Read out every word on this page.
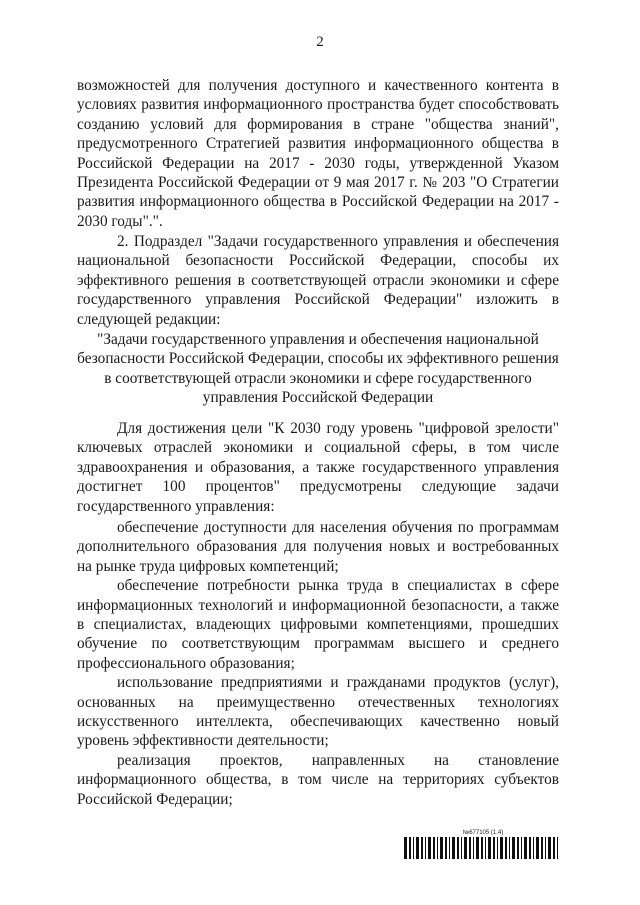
2

возможностей для получения доступного и качественного контента в условиях развития информационного пространства будет способствовать созданию условий для формирования в стране "общества знаний", предусмотренного Стратегией развития информационного общества в Российской Федерации на 2017 - 2030 годы, утвержденной Указом Президента Российской Федерации от 9 мая 2017 г. № 203 "О Стратегии развития информационного общества в Российской Федерации на 2017 - 2030 годы".".

2. Подраздел "Задачи государственного управления и обеспечения национальной безопасности Российской Федерации, способы их эффективного решения в соответствующей отрасли экономики и сфере государственного управления Российской Федерации" изложить в следующей редакции:

"Задачи государственного управления и обеспечения национальной безопасности Российской Федерации, способы их эффективного решения в соответствующей отрасли экономики и сфере государственного управления Российской Федерации

Для достижения цели "К 2030 году уровень "цифровой зрелости" ключевых отраслей экономики и социальной сферы, в том числе здравоохранения и образования, а также государственного управления достигнет 100 процентов" предусмотрены следующие задачи государственного управления:

обеспечение доступности для населения обучения по программам дополнительного образования для получения новых и востребованных на рынке труда цифровых компетенций;

обеспечение потребности рынка труда в специалистах в сфере информационных технологий и информационной безопасности, а также в специалистах, владеющих цифровыми компетенциями, прошедших обучение по соответствующим программам высшего и среднего профессионального образования;

использование предприятиями и гражданами продуктов (услуг), основанных на преимущественно отечественных технологиях искусственного интеллекта, обеспечивающих качественно новый уровень эффективности деятельности;

реализация проектов, направленных на становление информационного общества, в том числе на территориях субъектов Российской Федерации;

№677105 (1.4)
